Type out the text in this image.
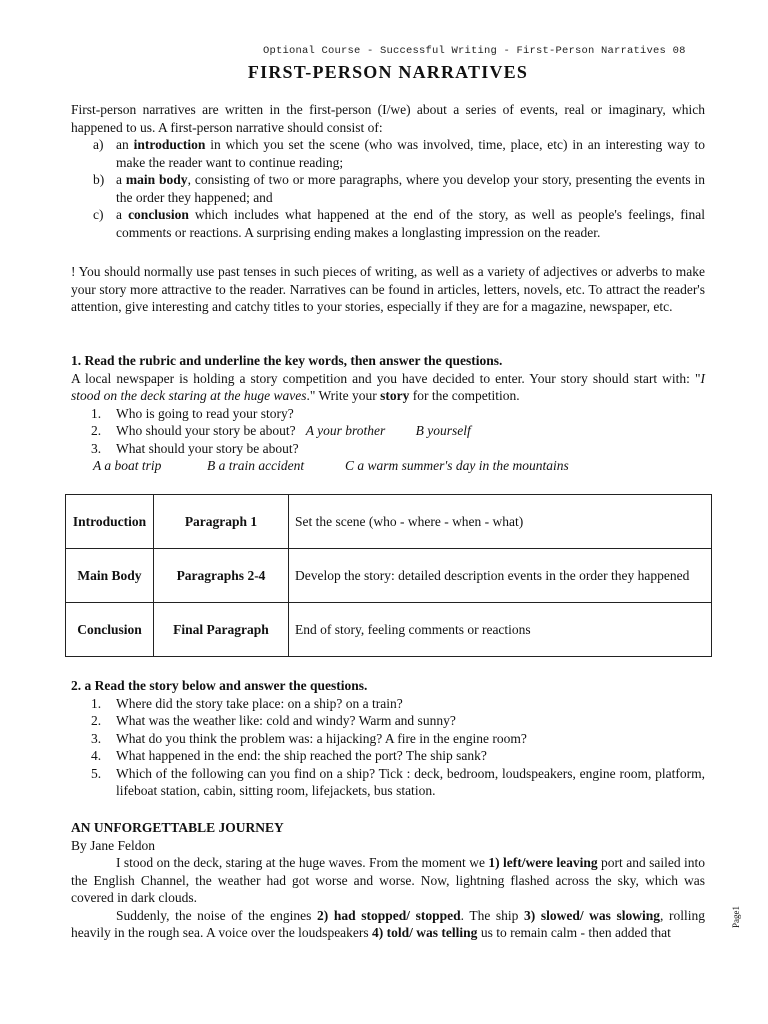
Optional Course - Successful Writing - First-Person Narratives 08
FIRST-PERSON NARRATIVES

First-person narratives are written in the first-person (I/we) about a series of events, real or imaginary, which happened to us. A first-person narrative should consist of:

a) an introduction in which you set the scene (who was involved, time, place, etc) in an interesting way to make the reader want to continue reading;
b) a main body, consisting of two or more paragraphs, where you develop your story, presenting the events in the order they happened; and
c) a conclusion which includes what happened at the end of the story, as well as people's feelings, final comments or reactions. A surprising ending makes a longlasting impression on the reader.

! You should normally use past tenses in such pieces of writing, as well as a variety of adjectives or adverbs to make your story more attractive to the reader. Narratives can be found in articles, letters, novels, etc. To attract the reader's attention, give interesting and catchy titles to your stories, especially if they are for a magazine, newspaper, etc.

1. Read the rubric and underline the key words, then answer the questions.

A local newspaper is holding a story competition and you have decided to enter. Your story should start with: "I stood on the deck staring at the huge waves." Write your story for the competition.

1. Who is going to read your story?
2. Who should your story be about? A your brother B yourself
3. What should your story be about?
A a boat trip	B a train accident	C a warm summer's day in the mountains
Introduction	Paragraph 1	Set the scene (who - where - when - what)
Main Body	Paragraphs 2-4	Develop the story: detailed description events in the order they happened
Conclusion	Final Paragraph	End of story, feeling comments or reactions

2. a Read the story below and answer the questions.

1. Where did the story take place: on a ship? on a train?
2. What was the weather like: cold and windy? Warm and sunny?
3. What do you think the problem was: a hijacking? A fire in the engine room?
4. What happened in the end: the ship reached the port? The ship sank?
5. Which of the following can you find on a ship? Tick : deck, bedroom, loudspeakers, engine room, platform, lifeboat station, cabin, sitting room, lifejackets, bus station.

AN UNFORGETTABLE JOURNEY

By Jane Feldon

I stood on the deck, staring at the huge waves. From the moment we 1) left/were leaving port and sailed into the English Channel, the weather had got worse and worse. Now, lightning flashed across the sky, which was covered in dark clouds.

Suddenly, the noise of the engines 2) had stopped/ stopped. The ship 3) slowed/ was slowing, rolling heavily in the rough sea. A voice over the loudspeakers 4) told/ was telling us to remain calm - then added that

Page1
